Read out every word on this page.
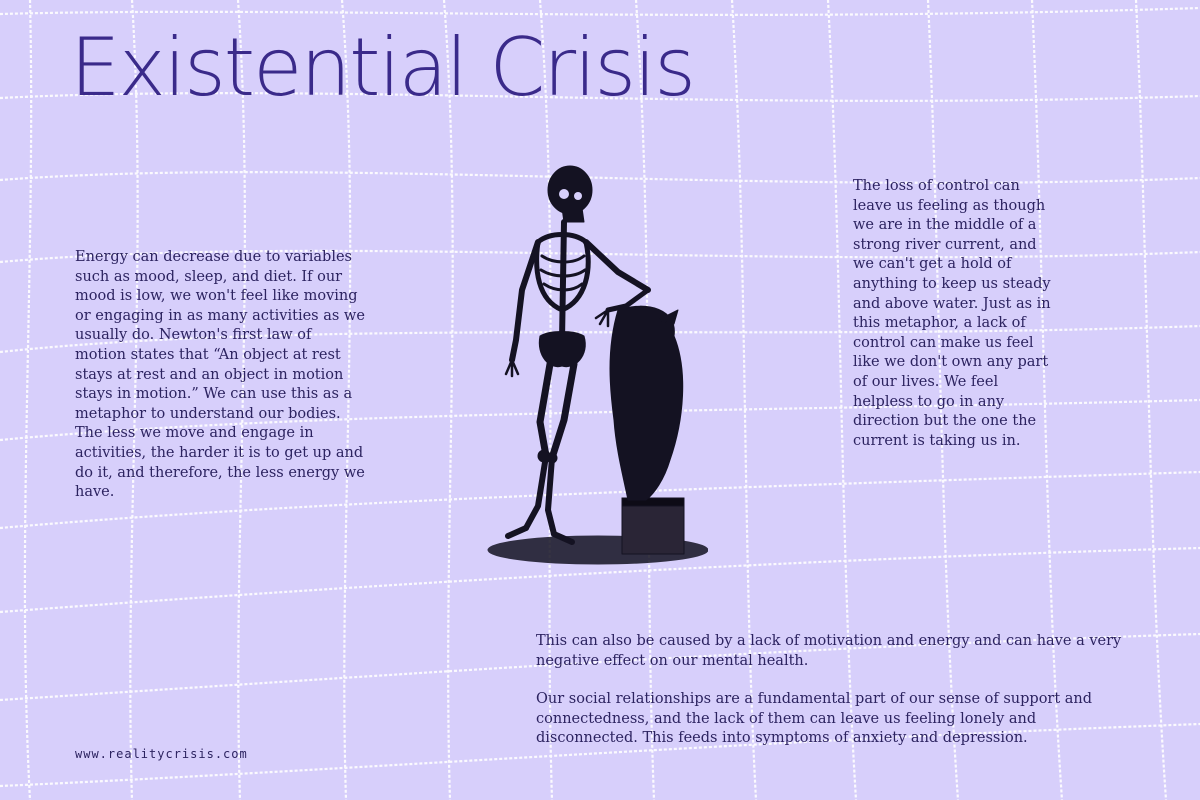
Existential Crisis

Energy can decrease due to variables such as mood, sleep, and diet. If our mood is low, we won't feel like moving or engaging in as many activities as we usually do. Newton's first law of motion states that “An object at rest stays at rest and an object in motion stays in motion.” We can use this as a metaphor to understand our bodies. The less we move and engage in activities, the harder it is to get up and do it, and therefore, the less energy we have.

The loss of control can leave us feeling as though we are in the middle of a strong river current, and we can't get a hold of anything to keep us steady and above water. Just as in this metaphor, a lack of control can make us feel like we don't own any part of our lives. We feel helpless to go in any direction but the one the current is taking us in.

This can also be caused by a lack of motivation and energy and can have a very negative effect on our mental health.

Our social relationships are a fundamental part of our sense of support and connectedness, and the lack of them can leave us feeling lonely and disconnected. This feeds into symptoms of anxiety and depression.

www.realitycrisis.com
